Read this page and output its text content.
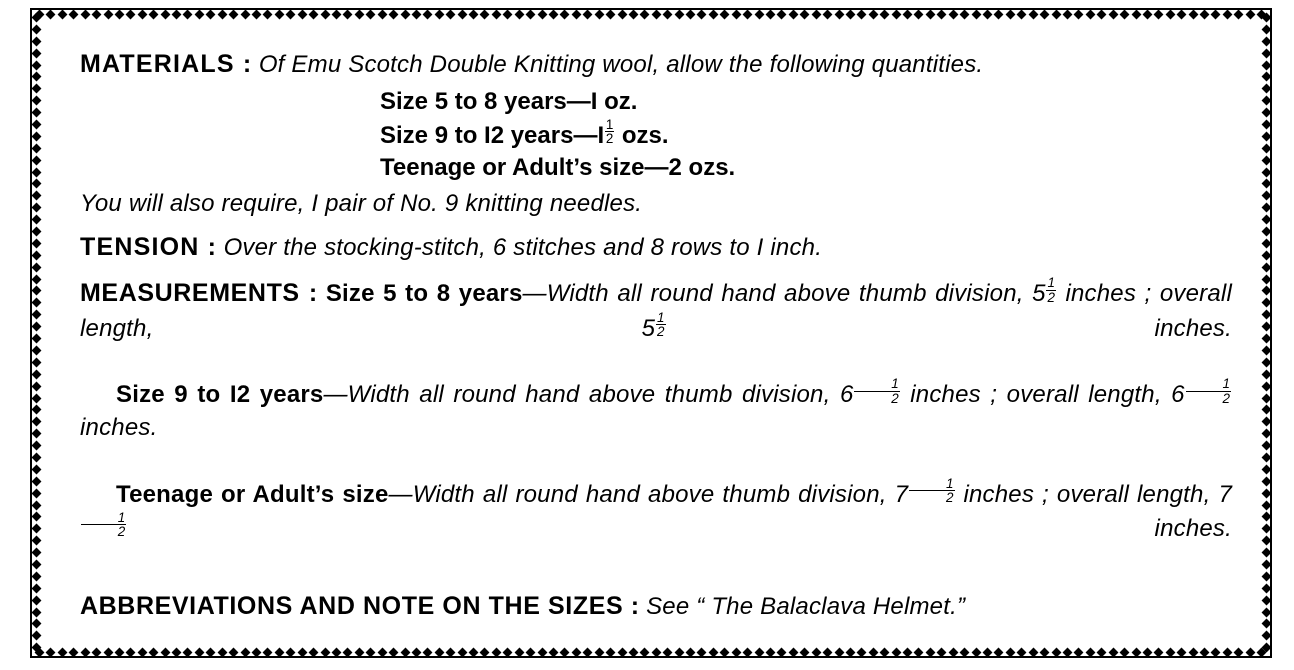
MATERIALS : Of Emu Scotch Double Knitting wool, allow the following quantities.

Size 5 to 8 years—I oz.
Size 9 to I2 years—I $\frac{1}{2}$ ozs.
Teenage or Adult’s size—2 ozs.

You will also require, I pair of No. 9 knitting needles.

TENSION : Over the stocking-stitch, 6 stitches and 8 rows to I inch.

MEASUREMENTS : Size 5 to 8 years—Width all round hand above thumb division, $5 \frac{1}{2}$ inches ; overall length, $5 \frac{1}{2}$ inches.

Size 9 to I2 years—Width all round hand above thumb division, $6 \frac{1}{2}$ inches ; overall length, $6 \frac{1}{2}$
inches.

Teenage or Adult’s size—Width all round hand above thumb division, $7 \frac{1}{2}$ inches ; overall length, 7
$\frac{1}{2}$ inches.

ABBREVIATIONS AND NOTE ON THE SIZES : See “ The Balaclava Helmet.”
